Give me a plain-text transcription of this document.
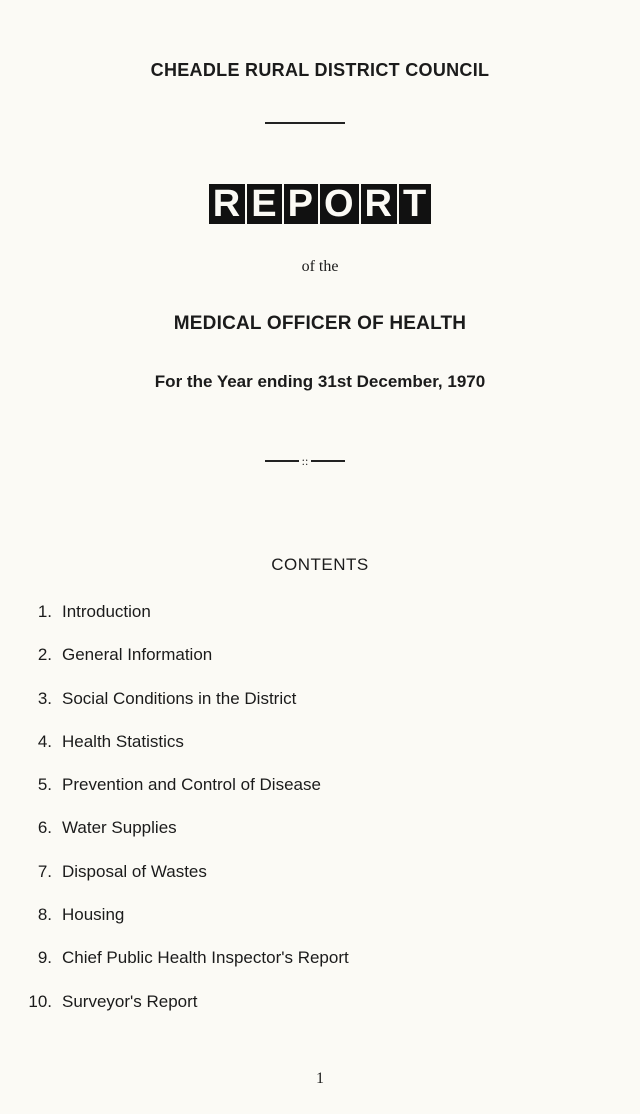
CHEADLE RURAL DISTRICT COUNCIL
R E P O R T
of the
MEDICAL OFFICER OF HEALTH
For the Year ending 31st December, 1970
::
CONTENTS
1. Introduction
2. General Information
3. Social Conditions in the District
4. Health Statistics
5. Prevention and Control of Disease
6. Water Supplies
7. Disposal of Wastes
8. Housing
9. Chief Public Health Inspector's Report
10. Surveyor's Report
1
